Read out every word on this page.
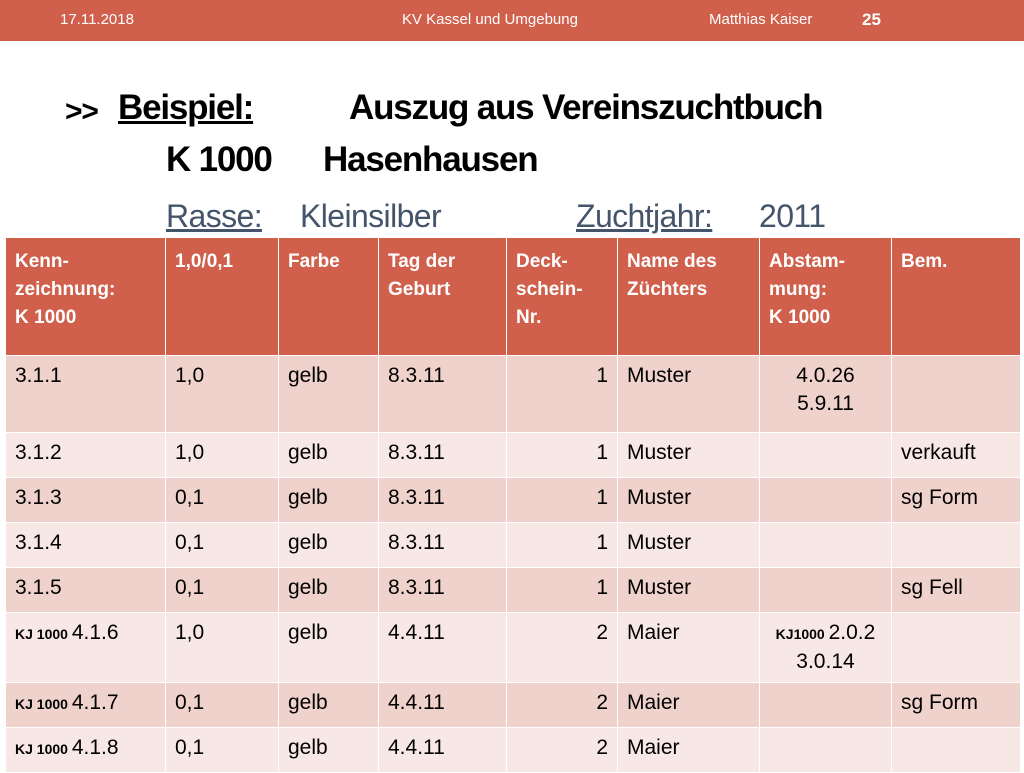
17.11.2018	KV Kassel und Umgebung	Matthias Kaiser	25
>> Beispiel:	Auszug aus Vereinszuchtbuch
K 1000 Hasenhausen
Rasse: Kleinsilber	Zuchtjahr: 2011
Kenn-
zeichnung:
K 1000	1,0/0,1	Farbe	Tag der
Geburt	Deck-
schein-
Nr.	Name des
Züchters	Abstam-
mung:
K 1000	Bem.
3.1.1	1,0	gelb	8.3.11	1	Muster	4.0.26
5.9.11	
3.1.2	1,0	gelb	8.3.11	1	Muster		verkauft
3.1.3	0,1	gelb	8.3.11	1	Muster		sg Form
3.1.4	0,1	gelb	8.3.11	1	Muster		
3.1.5	0,1	gelb	8.3.11	1	Muster		sg Fell
KJ 1000 4.1.6	1,0	gelb	4.4.11	2	Maier	KJ1000 2.0.2
3.0.14	
KJ 1000 4.1.7	0,1	gelb	4.4.11	2	Maier		sg Form
KJ 1000 4.1.8	0,1	gelb	4.4.11	2	Maier		
